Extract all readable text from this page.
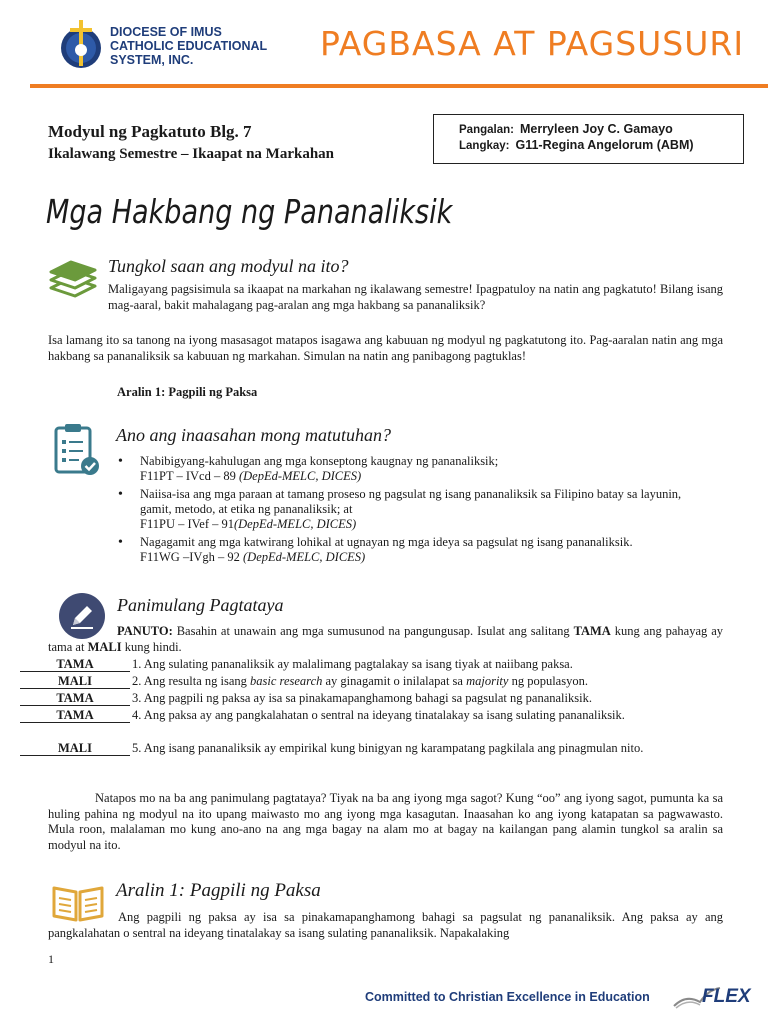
DIOCESE OF IMUS
CATHOLIC EDUCATIONAL
SYSTEM, INC.	PAGBASA AT PAGSUSURI
Modyul ng Pagkatuto Blg. 7
Ikalawang Semestre – Ikaapat na Markahan
Pangalan: Merryleen Joy C. Gamayo
Langkay: G11-Regina Angelorum (ABM)
Mga Hakbang ng Pananaliksik
Tungkol saan ang modyul na ito?
Maligayang pagsisimula sa ikaapat na markahan ng ikalawang semestre! Ipagpatuloy na natin ang pagkatuto! Bilang isang mag-aaral, bakit mahalagang pag-aralan ang mga hakbang sa pananaliksik?
Isa lamang ito sa tanong na iyong masasagot matapos isagawa ang kabuuan ng modyul ng pagkatutong ito. Pag-aaralan natin ang mga hakbang sa pananaliksik sa kabuuan ng markahan. Simulan na natin ang panibagong pagtuklas!
Aralin 1: Pagpili ng Paksa
Ano ang inaasahan mong matutuhan?
• Nabibigyang-kahulugan ang mga konseptong kaugnay ng pananaliksik;
F11PT – IVcd – 89 (DepEd-MELC, DICES)
• Naiisa-isa ang mga paraan at tamang proseso ng pagsulat ng isang pananaliksik sa Filipino batay sa layunin, gamit, metodo, at etika ng pananaliksik; at
F11PU – IVef – 91(DepEd-MELC, DICES)
• Nagagamit ang mga katwirang lohikal at ugnayan ng mga ideya sa pagsulat ng isang pananaliksik.
F11WG –IVgh – 92 (DepEd-MELC, DICES)
Panimulang Pagtataya
PANUTO: Basahin at unawain ang mga sumusunod na pangungusap. Isulat ang salitang TAMA kung ang pahayag ay tama at MALI kung hindi.
TAMA	1. Ang sulating pananaliksik ay malalimang pagtalakay sa isang tiyak at naiibang paksa.
MALI	2. Ang resulta ng isang basic research ay ginagamit o inilalapat sa majority ng populasyon.
TAMA	3. Ang pagpili ng paksa ay isa sa pinakamapanghamong bahagi sa pagsulat ng pananaliksik.
TAMA	4. Ang paksa ay ang pangkalahatan o sentral na ideyang tinatalakay sa isang sulating pananaliksik.
MALI	5. Ang isang pananaliksik ay empirikal kung binigyan ng karampatang pagkilala ang pinagmulan nito.
Natapos mo na ba ang panimulang pagtataya? Tiyak na ba ang iyong mga sagot? Kung “oo” ang iyong sagot, pumunta ka sa huling pahina ng modyul na ito upang maiwasto mo ang iyong mga kasagutan. Inaasahan ko ang iyong katapatan sa pagwawasto. Mula roon, malalaman mo kung ano-ano na ang mga bagay na alam mo at bagay na kailangan pang alamin tungkol sa aralin sa modyul na ito.
Aralin 1: Pagpili ng Paksa
Ang pagpili ng paksa ay isa sa pinakamapanghamong bahagi sa pagsulat ng pananaliksik. Ang paksa ay ang pangkalahatan o sentral na ideyang tinatalakay sa isang sulating pananaliksik. Napakalaking
1
Committed to Christian Excellence in Education	FLEX
